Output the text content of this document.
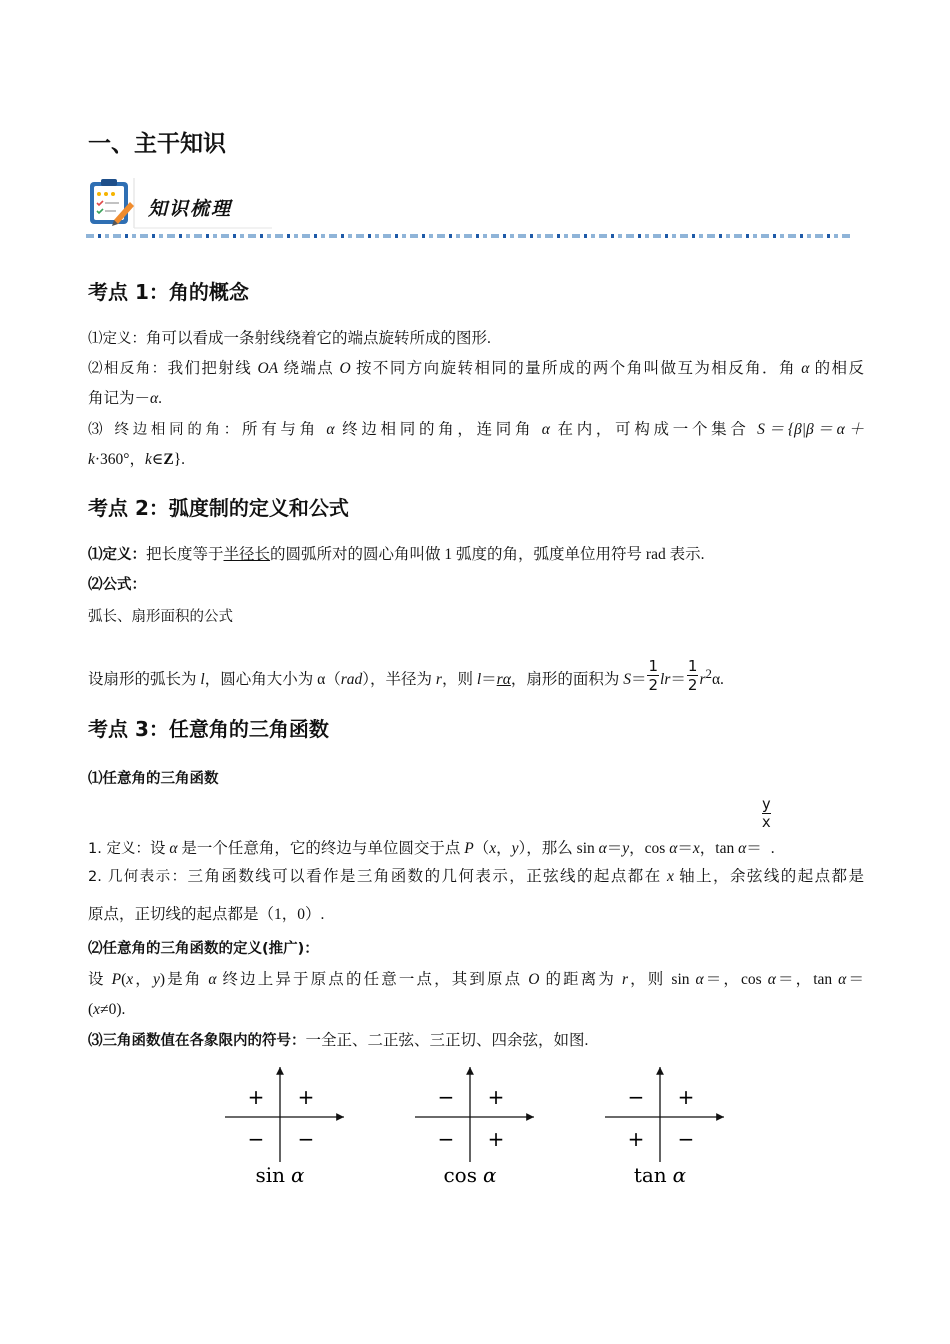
一、主干知识
知识梳理
考点 1：角的概念
⑴定义：角可以看成一条射线绕着它的端点旋转所成的图形.
⑵相反角：我们把射线 OA 绕端点 O 按不同方向旋转相同的量所成的两个角叫做互为相反角．角 α 的相反
角记为－α.
⑶ 终边相同的角：所有与角 α 终边相同的角，连同角 α 在内，可构成一个集合 S＝{β|β＝α＋
k·360°，k∈Z}.
考点 2：弧度制的定义和公式
⑴定义：把长度等于半径长的圆弧所对的圆心角叫做 1 弧度的角，弧度单位用符号 rad 表示.
⑵公式：
弧长、扇形面积的公式
设扇形的弧长为 l，圆心角大小为 α（rad），半径为 r，则 l＝rα，扇形的面积为 $S= \frac{1}{2} lr= \frac{1}{2} r^2\alpha$.
考点 3：任意角的三角函数
⑴任意角的三角函数
1. 定义：设 α 是一个任意角，它的终边与单位圆交于点 P（x，y），那么 sin α＝y，cos α＝x，tan α＝
$\frac{y}{x}$
.
2. 几何表示：三角函数线可以看作是三角函数的几何表示，正弦线的起点都在 x 轴上，余弦线的起点都是
原点，正切线的起点都是（1，0）.
⑵任意角的三角函数的定义(推广)：
设 P(x，y)是角 α 终边上异于原点的任意一点，其到原点 O 的距离为 r，则 sin α＝，cos α＝，tan α＝
(x≠0).
⑶三角函数值在各象限内的符号：一全正、二正弦、三正切、四余弦，如图.
+
+
− −
sin α
+
−
− +
cos α
+
−
+ −
tan α
